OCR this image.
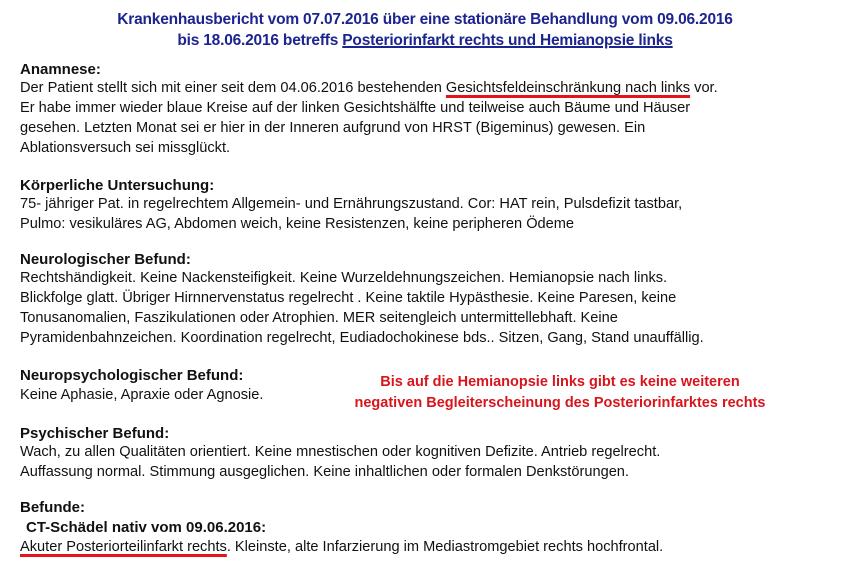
Krankenhausbericht vom 07.07.2016 über eine stationäre Behandlung vom 09.06.2016
bis 18.06.2016 betreffs Posteriorinfarkt rechts und Hemianopsie links
Anamnese:
Der Patient stellt sich mit einer seit dem 04.06.2016 bestehenden Gesichtsfeldeinschränkung nach links vor.
Er habe immer wieder blaue Kreise auf der linken Gesichtshälfte und teilweise auch Bäume und Häuser
gesehen. Letzten Monat sei er hier in der Inneren aufgrund von HRST (Bigeminus) gewesen. Ein
Ablationsversuch sei missglückt.
Körperliche Untersuchung:
75- jähriger Pat. in regelrechtem Allgemein- und Ernährungszustand. Cor: HAT rein, Pulsdefizit tastbar,
Pulmo: vesikuläres AG, Abdomen weich, keine Resistenzen, keine peripheren Ödeme
Neurologischer Befund:
Rechtshändigkeit. Keine Nackensteifigkeit. Keine Wurzeldehnungszeichen. Hemianopsie nach links.
Blickfolge glatt. Übriger Hirnnervenstatus regelrecht . Keine taktile Hypästhesie. Keine Paresen, keine
Tonusanomalien, Faszikulationen oder Atrophien. MER seitengleich untermittellebhaft. Keine
Pyramidenbahnzeichen. Koordination regelrecht, Eudiadochokinese bds.. Sitzen, Gang, Stand unauffällig.
Neuropsychologischer Befund:
Keine Aphasie, Apraxie oder Agnosie.
Bis auf die Hemianopsie links gibt es keine weiteren
negativen Begleiterscheinung des Posteriorinfarktes rechts
Psychischer Befund:
Wach, zu allen Qualitäten orientiert. Keine mnestischen oder kognitiven Defizite. Antrieb regelrecht.
Auffassung normal. Stimmung ausgeglichen. Keine inhaltlichen oder formalen Denkstörungen.
Befunde:
CT-Schädel nativ vom 09.06.2016:
Akuter Posteriorteilinfarkt rechts. Kleinste, alte Infarzierung im Mediastromgebiet rechts hochfrontal.
